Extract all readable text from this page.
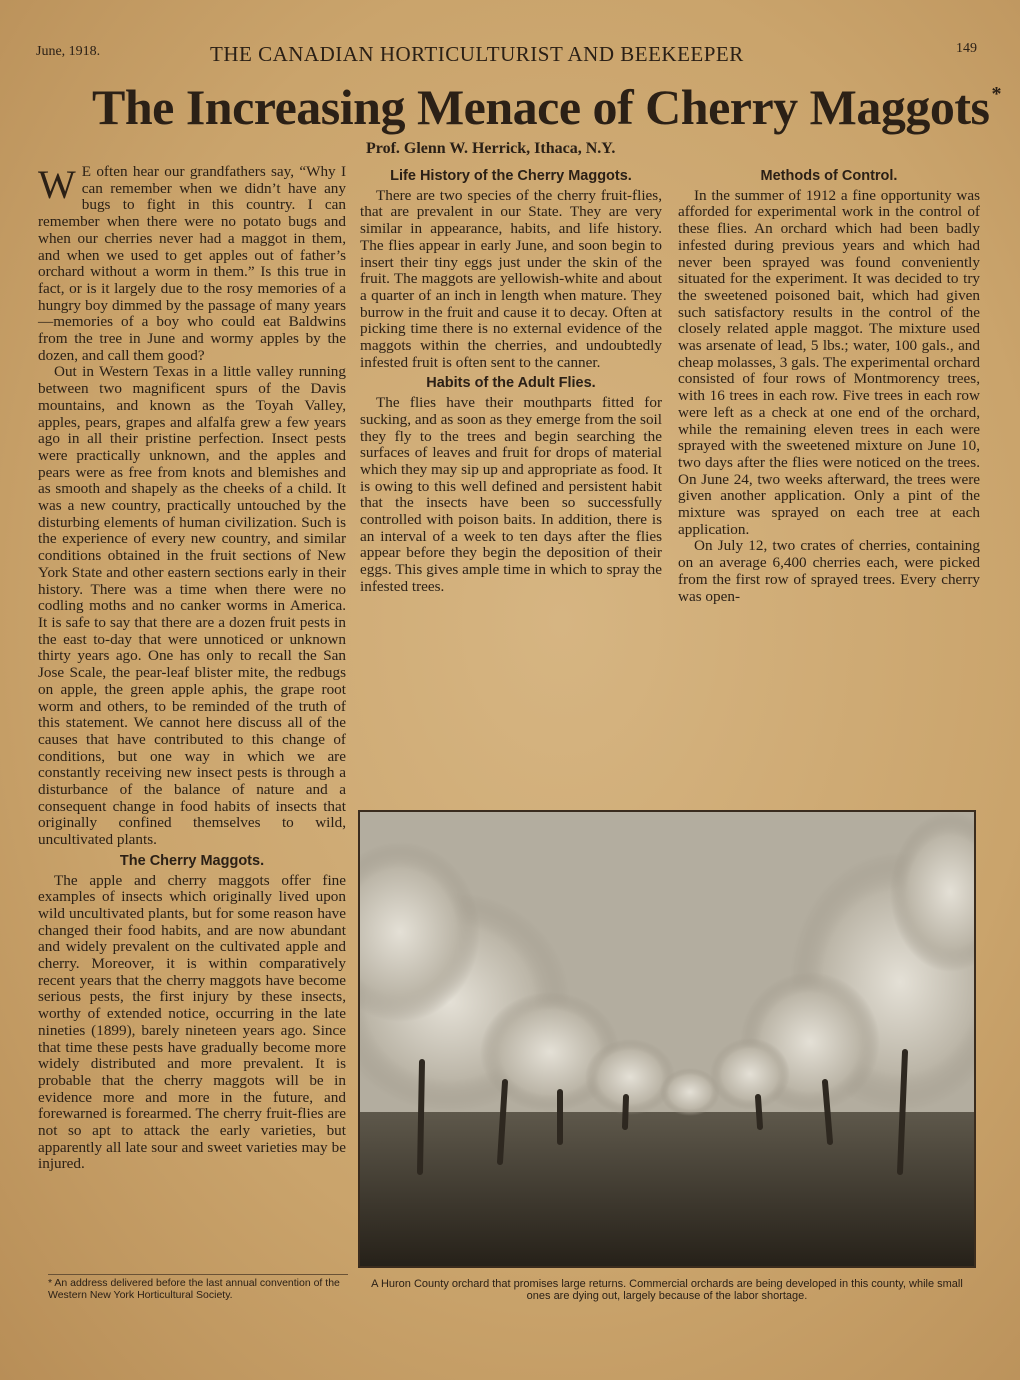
June, 1918.	THE CANADIAN HORTICULTURIST AND BEEKEEPER	149
The Increasing Menace of Cherry Maggots *
Prof. Glenn W. Herrick, Ithaca, N.Y.

W E often hear our grandfathers say, “Why I can remember when we didn’t have any bugs to fight in this country. I can remember when there were no potato bugs and when our cherries never had a maggot in them, and when we used to get apples out of father’s orchard without a worm in them.” Is this true in fact, or is it largely due to the rosy memories of a hungry boy dimmed by the passage of many years—memories of a boy who could eat Baldwins from the tree in June and wormy apples by the dozen, and call them good?

Out in Western Texas in a little valley running between two magnificent spurs of the Davis mountains, and known as the Toyah Valley, apples, pears, grapes and alfalfa grew a few years ago in all their pristine perfection. Insect pests were practically unknown, and the apples and pears were as free from knots and blemishes and as smooth and shapely as the cheeks of a child. It was a new country, practically untouched by the disturbing elements of human civilization. Such is the experience of every new country, and similar conditions obtained in the fruit sections of New York State and other eastern sections early in their history. There was a time when there were no codling moths and no canker worms in America. It is safe to say that there are a dozen fruit pests in the east to-day that were unnoticed or unknown thirty years ago. One has only to recall the San Jose Scale, the pear-leaf blister mite, the redbugs on apple, the green apple aphis, the grape root worm and others, to be reminded of the truth of this statement. We cannot here discuss all of the causes that have contributed to this change of conditions, but one way in which we are constantly receiving new insect pests is through a disturbance of the balance of nature and a consequent change in food habits of insects that originally confined themselves to wild, uncultivated plants.

The Cherry Maggots.

The apple and cherry maggots offer fine examples of insects which originally lived upon wild uncultivated plants, but for some reason have changed their food habits, and are now abundant and widely prevalent on the cultivated apple and cherry. Moreover, it is within comparatively recent years that the cherry maggots have become serious pests, the first injury by these insects, worthy of extended notice, occurring in the late nineties (1899), barely nineteen years ago. Since that time these pests have gradually become more widely distributed and more prevalent. It is probable that the cherry maggots will be in evidence more and more in the future, and forewarned is forearmed. The cherry fruit-flies are not so apt to attack the early varieties, but apparently all late sour and sweet varieties may be injured.

Life History of the Cherry Maggots.

There are two species of the cherry fruit-flies, that are prevalent in our State. They are very similar in appearance, habits, and life history. The flies appear in early June, and soon begin to insert their tiny eggs just under the skin of the fruit. The maggots are yellowish-white and about a quarter of an inch in length when mature. They burrow in the fruit and cause it to decay. Often at picking time there is no external evidence of the maggots within the cherries, and undoubtedly infested fruit is often sent to the canner.

Habits of the Adult Flies.

The flies have their mouthparts fitted for sucking, and as soon as they emerge from the soil they fly to the trees and begin searching the surfaces of leaves and fruit for drops of material which they may sip up and appropriate as food. It is owing to this well defined and persistent habit that the insects have been so successfully controlled with poison baits. In addition, there is an interval of a week to ten days after the flies appear before they begin the deposition of their eggs. This gives ample time in which to spray the infested trees.

Methods of Control.

In the summer of 1912 a fine opportunity was afforded for experimental work in the control of these flies. An orchard which had been badly infested during previous years and which had never been sprayed was found conveniently situated for the experiment. It was decided to try the sweetened poisoned bait, which had given such satisfactory results in the control of the closely related apple maggot. The mixture used was arsenate of lead, 5 lbs.; water, 100 gals., and cheap molasses, 3 gals. The experimental orchard consisted of four rows of Montmorency trees, with 16 trees in each row. Five trees in each row were left as a check at one end of the orchard, while the remaining eleven trees in each were sprayed with the sweetened mixture on June 10, two days after the flies were noticed on the trees. On June 24, two weeks afterward, the trees were given another application. Only a pint of the mixture was sprayed on each tree at each application.

On July 12, two crates of cherries, containing on an average 6,400 cherries each, were picked from the first row of sprayed trees. Every cherry was open-

* An address delivered before the last annual convention of the Western New York Horticultural Society.
A Huron County orchard that promises large returns. Commercial orchards are being developed in this county, while small ones are dying out, largely because of the labor shortage.
